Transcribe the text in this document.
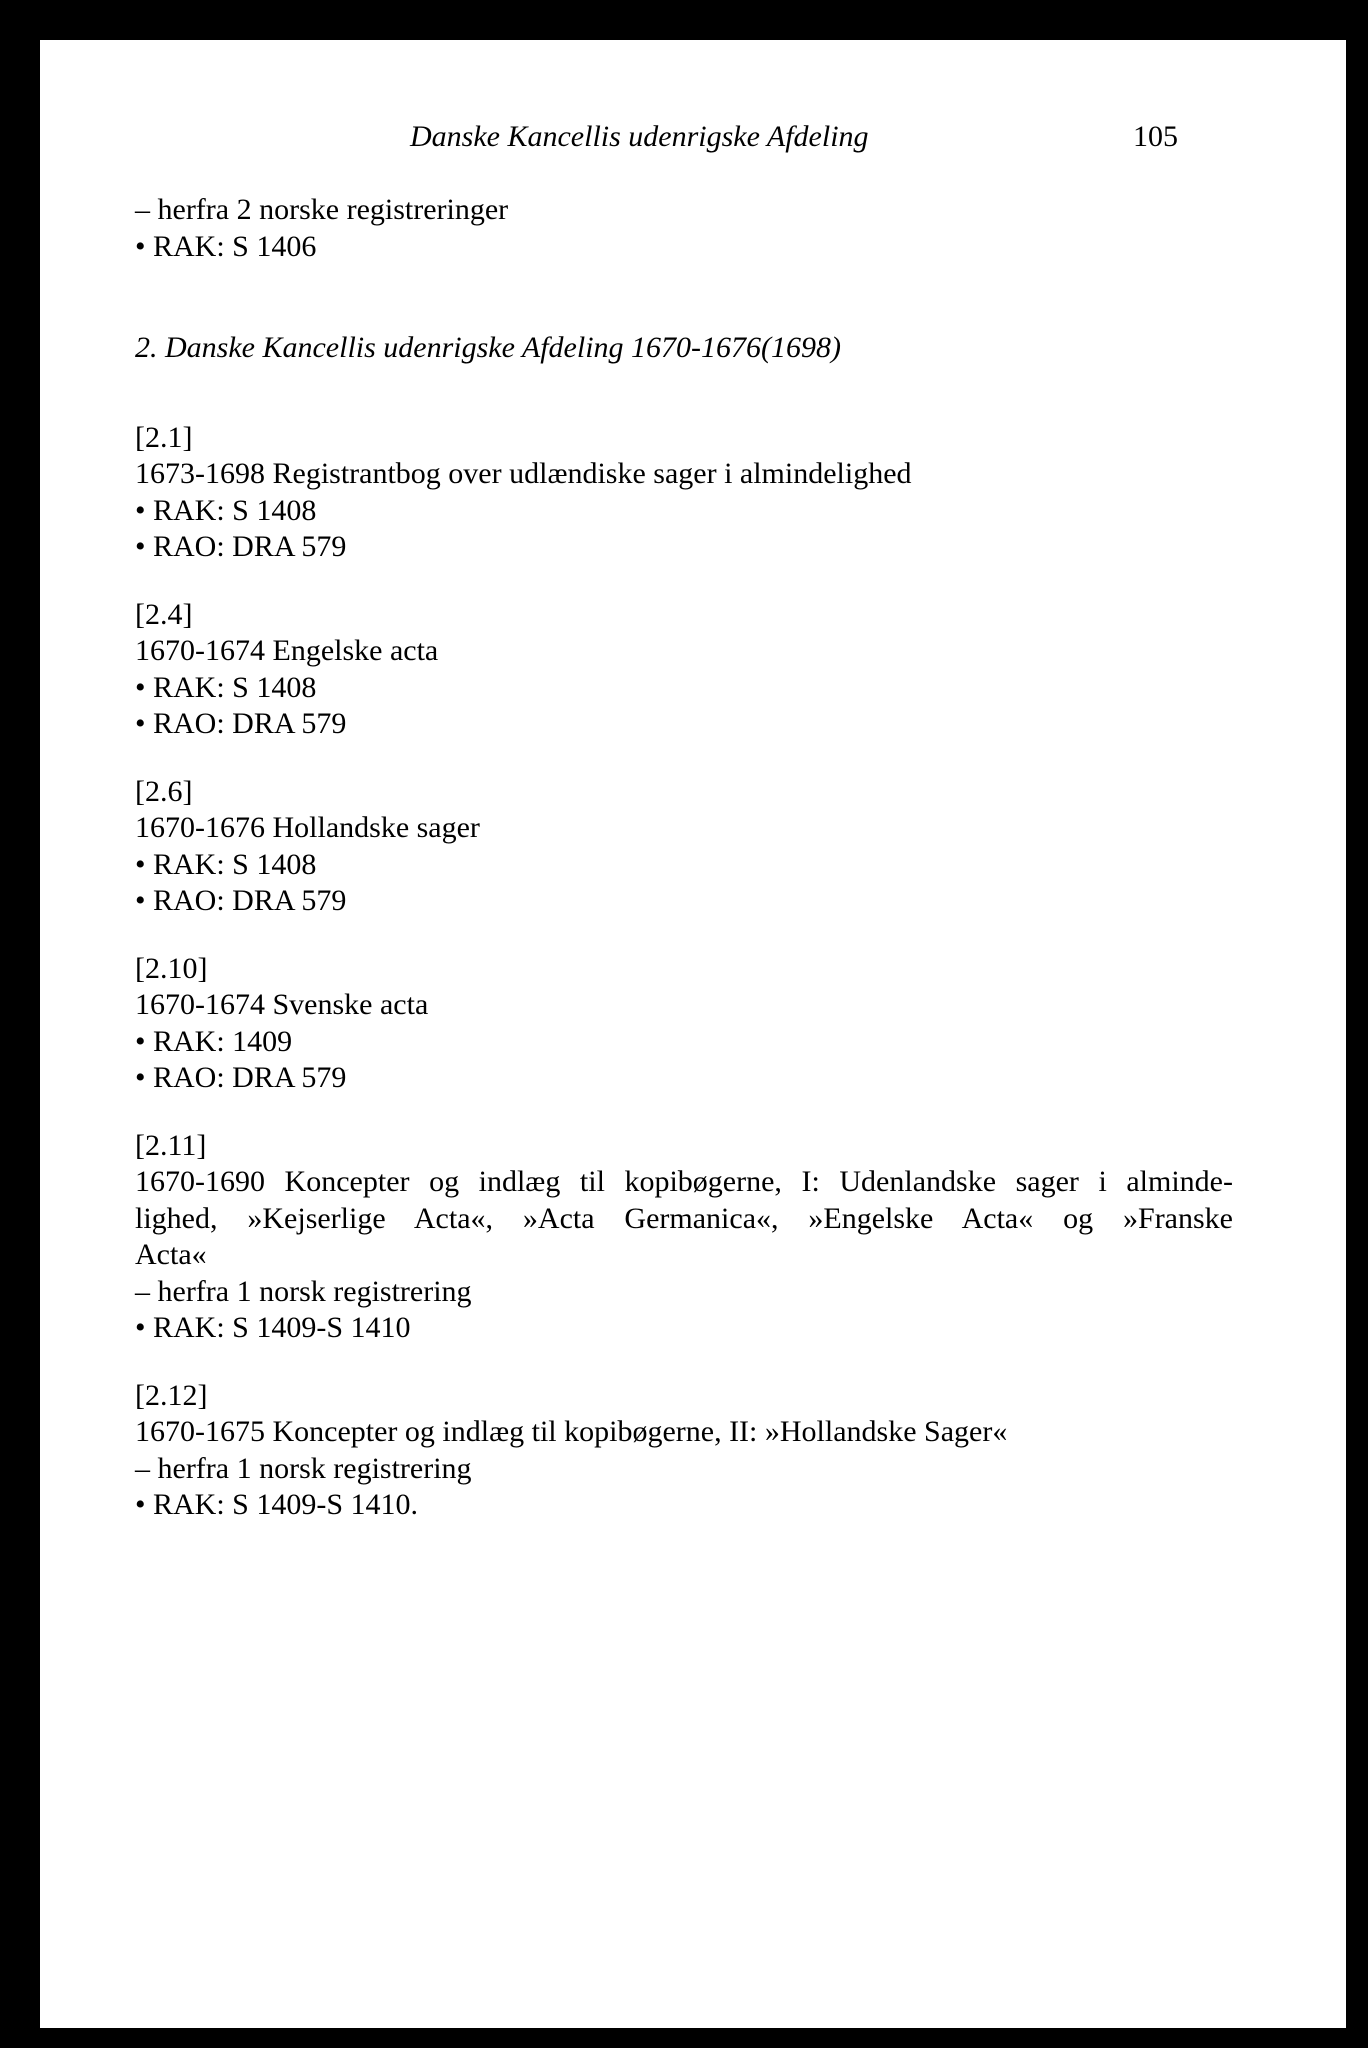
Danske Kancellis udenrigske Afdeling	105
– herfra 2 norske registreringer
• RAK: S 1406
2. Danske Kancellis udenrigske Afdeling 1670-1676(1698)
[2.1]
1673-1698 Registrantbog over udlændiske sager i almindelighed
• RAK: S 1408
• RAO: DRA 579
[2.4]
1670-1674 Engelske acta
• RAK: S 1408
• RAO: DRA 579
[2.6]
1670-1676 Hollandske sager
• RAK: S 1408
• RAO: DRA 579
[2.10]
1670-1674 Svenske acta
• RAK: 1409
• RAO: DRA 579
[2.11]
1670-1690 Koncepter og indlæg til kopibøgerne, I: Udenlandske sager i alminde-
lighed, »Kejserlige Acta«, »Acta Germanica«, »Engelske Acta« og »Franske
Acta«
– herfra 1 norsk registrering
• RAK: S 1409-S 1410
[2.12]
1670-1675 Koncepter og indlæg til kopibøgerne, II: »Hollandske Sager«
– herfra 1 norsk registrering
• RAK: S 1409-S 1410.
